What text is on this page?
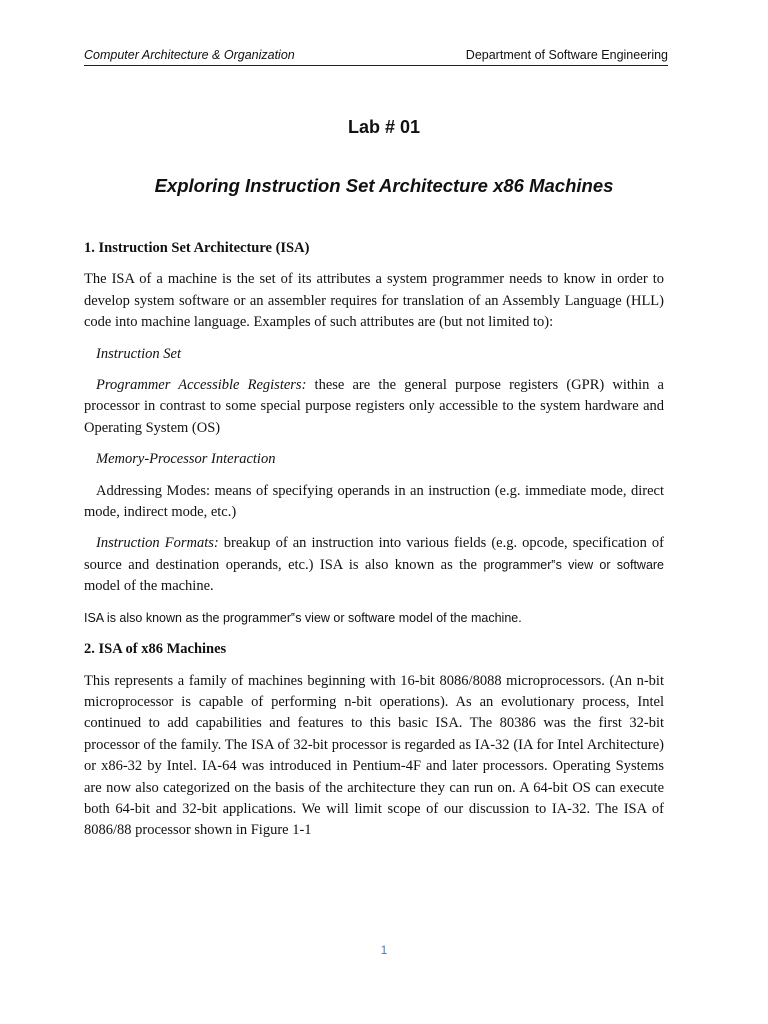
Computer Architecture & Organization	Department of Software Engineering
Lab # 01
Exploring Instruction Set Architecture x86 Machines

1. Instruction Set Architecture (ISA)

The ISA of a machine is the set of its attributes a system programmer needs to know in order to develop system software or an assembler requires for translation of an Assembly Language (HLL) code into machine language. Examples of such attributes are (but not limited to):

Instruction Set

Programmer Accessible Registers: these are the general purpose registers (GPR) within a processor in contrast to some special purpose registers only accessible to the system hardware and Operating System (OS)

Memory-Processor Interaction

Addressing Modes: means of specifying operands in an instruction (e.g. immediate mode, direct mode, indirect mode, etc.)

Instruction Formats: breakup of an instruction into various fields (e.g. opcode, specification of source and destination operands, etc.) ISA is also known as the programmer‟s view or software model of the machine.

ISA is also known as the programmer‟s view or software model of the machine.

2. ISA of x86 Machines

This represents a family of machines beginning with 16-bit 8086/8088 microprocessors. (An n-bit microprocessor is capable of performing n-bit operations). As an evolutionary process, Intel continued to add capabilities and features to this basic ISA. The 80386 was the first 32-bit processor of the family. The ISA of 32-bit processor is regarded as IA-32 (IA for Intel Architecture) or x86-32 by Intel. IA-64 was introduced in Pentium-4F and later processors. Operating Systems are now also categorized on the basis of the architecture they can run on. A 64-bit OS can execute both 64-bit and 32-bit applications. We will limit scope of our discussion to IA-32. The ISA of 8086/88 processor shown in Figure 1-1

1
